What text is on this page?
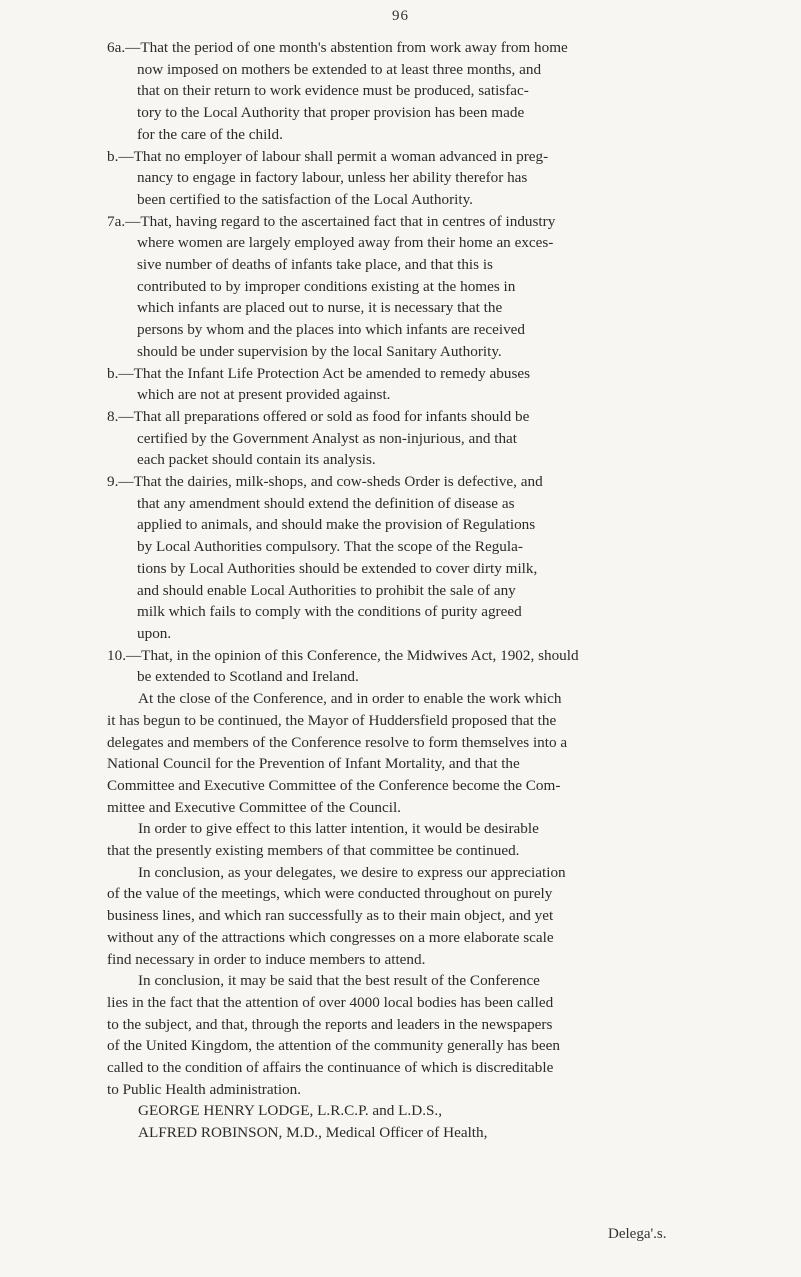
96
6a.—That the period of one month's abstention from work away from home
now imposed on mothers be extended to at least three months, and
that on their return to work evidence must be produced, satisfac-
tory to the Local Authority that proper provision has been made
for the care of the child.
b.—That no employer of labour shall permit a woman advanced in preg-
nancy to engage in factory labour, unless her ability therefor has
been certified to the satisfaction of the Local Authority.
7a.—That, having regard to the ascertained fact that in centres of industry
where women are largely employed away from their home an exces-
sive number of deaths of infants take place, and that this is
contributed to by improper conditions existing at the homes in
which infants are placed out to nurse, it is necessary that the
persons by whom and the places into which infants are received
should be under supervision by the local Sanitary Authority.
b.—That the Infant Life Protection Act be amended to remedy abuses
which are not at present provided against.
8.—That all preparations offered or sold as food for infants should be
certified by the Government Analyst as non-injurious, and that
each packet should contain its analysis.
9.—That the dairies, milk-shops, and cow-sheds Order is defective, and
that any amendment should extend the definition of disease as
applied to animals, and should make the provision of Regulations
by Local Authorities compulsory. That the scope of the Regula-
tions by Local Authorities should be extended to cover dirty milk,
and should enable Local Authorities to prohibit the sale of any
milk which fails to comply with the conditions of purity agreed
upon.
10.—That, in the opinion of this Conference, the Midwives Act, 1902, should
be extended to Scotland and Ireland.
At the close of the Conference, and in order to enable the work which
it has begun to be continued, the Mayor of Huddersfield proposed that the
delegates and members of the Conference resolve to form themselves into a
National Council for the Prevention of Infant Mortality, and that the
Committee and Executive Committee of the Conference become the Com-
mittee and Executive Committee of the Council.
In order to give effect to this latter intention, it would be desirable
that the presently existing members of that committee be continued.
In conclusion, as your delegates, we desire to express our appreciation
of the value of the meetings, which were conducted throughout on purely
business lines, and which ran successfully as to their main object, and yet
without any of the attractions which congresses on a more elaborate scale
find necessary in order to induce members to attend.
In conclusion, it may be said that the best result of the Conference
lies in the fact that the attention of over 4000 local bodies has been called
to the subject, and that, through the reports and leaders in the newspapers
of the United Kingdom, the attention of the community generally has been
called to the condition of affairs the continuance of which is discreditable
to Public Health administration.
GEORGE HENRY LODGE, L.R.C.P. and L.D.S.,
ALFRED ROBINSON, M.D., Medical Officer of Health,
Delega'.s.
